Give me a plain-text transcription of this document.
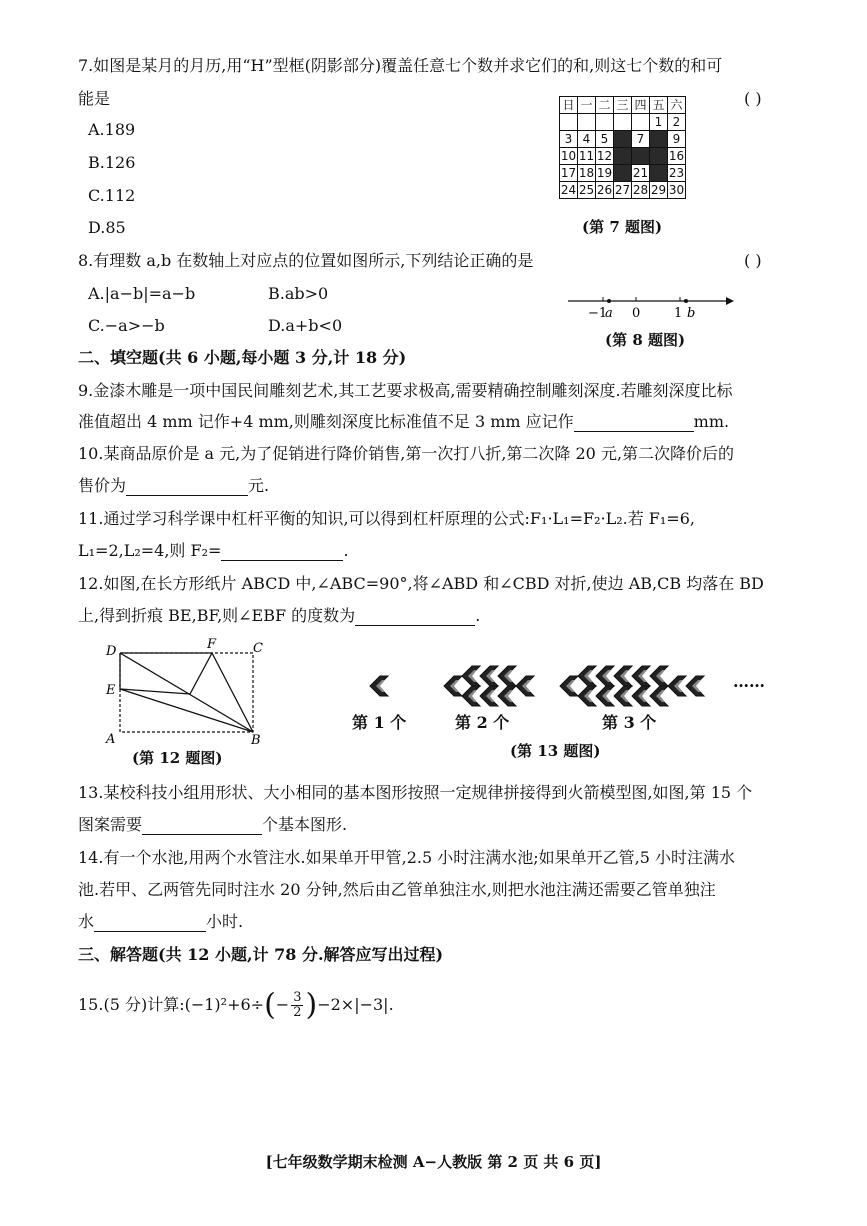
7.如图是某月的月历,用“H”型框(阴影部分)覆盖任意七个数并求它们的和,则这七个数的和可
能是	( )
A.189
B.126
C.112
D.85
日	一	二	三	四	五	六
					1	2
3	4	5		7		9
10	11	12				16
17	18	19		21		23
24	25	26	27	28	29	30
(第 7 题图)
8.有理数 a,b 在数轴上对应点的位置如图所示,下列结论正确的是	( )
A.|a−b|=a−b	B.ab>0
C.−a>−b	D.a+b<0
−1
a 0	1 b
(第 8 题图)
二、填空题(共 6 小题,每小题 3 分,计 18 分)
9.金漆木雕是一项中国民间雕刻艺术,其工艺要求极高,需要精确控制雕刻深度.若雕刻深度比标
准值超出 4 mm 记作+4 mm,则雕刻深度比标准值不足 3 mm 应记作	mm.
10.某商品原价是 a 元,为了促销进行降价销售,第一次打八折,第二次降 20 元,第二次降价后的
售价为	元.
11.通过学习科学课中杠杆平衡的知识,可以得到杠杆原理的公式:F₁·L₁=F₂·L₂.若 F₁=6,
L₁=2,L₂=4,则 F₂=	.
12.如图,在长方形纸片 ABCD 中,∠ABC=90°,将∠ABD 和∠CBD 对折,使边 AB,CB 均落在 BD
上,得到折痕 BE,BF,则∠EBF 的度数为	.
D	F	C
E
A	B
(第 12 题图)
……
第 1 个	第 2 个	第 3 个
(第 13 题图)
13.某校科技小组用形状、大小相同的基本图形按照一定规律拼接得到火箭模型图,如图,第 15 个
图案需要	个基本图形.
14.有一个水池,用两个水管注水.如果单开甲管,2.5 小时注满水池;如果单开乙管,5 小时注满水
池.若甲、乙两管先同时注水 20 分钟,然后由乙管单独注水,则把水池注满还需要乙管单独注
水	小时.
三、解答题(共 12 小题,计 78 分.解答应写出过程)
15.(5 分)计算:(−1)²+6÷(− $\frac{3}{2} )-2\times|-3|$.
[七年级数学期末检测 A−人教版 第 2 页 共 6 页]
